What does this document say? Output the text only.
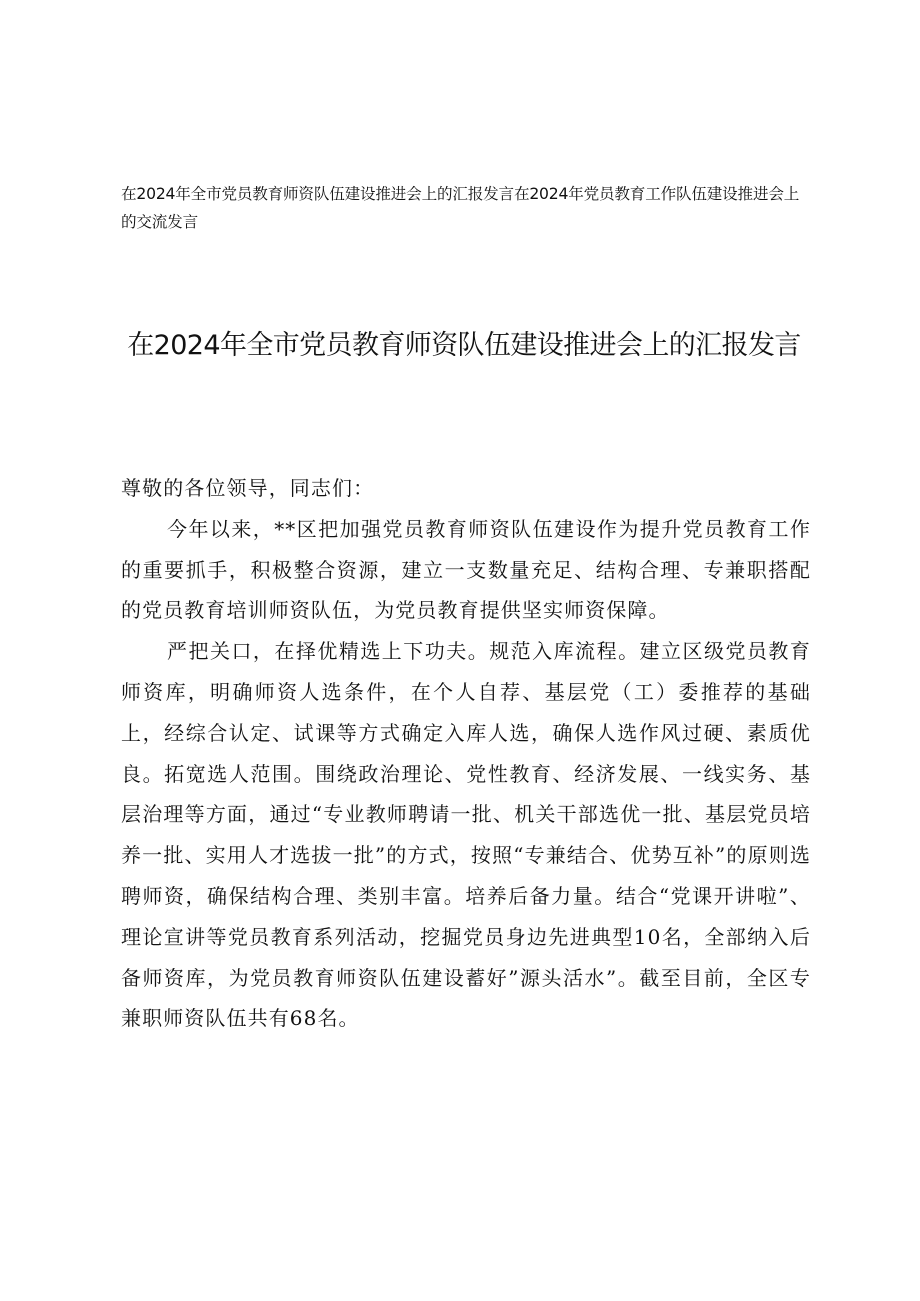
在2024年全市党员教育师资队伍建设推进会上的汇报发言在2024年党员教育工作队伍建设推进会上的交流发言
在2024年全市党员教育师资队伍建设推进会上的汇报发言

尊敬的各位领导，同志们：

今年以来，**区把加强党员教育师资队伍建设作为提升党员教育工作的重要抓手，积极整合资源，建立一支数量充足、结构合理、专兼职搭配的党员教育培训师资队伍，为党员教育提供坚实师资保障。

严把关口，在择优精选上下功夫。规范入库流程。建立区级党员教育师资库，明确师资人选条件，在个人自荐、基层党（工）委推荐的基础上，经综合认定、试课等方式确定入库人选，确保人选作风过硬、素质优良。拓宽选人范围。围绕政治理论、党性教育、经济发展、一线实务、基层治理等方面，通过“专业教师聘请一批、机关干部选优一批、基层党员培养一批、实用人才选拔一批”的方式，按照“专兼结合、优势互补”的原则选聘师资，确保结构合理、类别丰富。培养后备力量。结合“党课开讲啦”、理论宣讲等党员教育系列活动，挖掘党员身边先进典型10名，全部纳入后备师资库，为党员教育师资队伍建设蓄好”源头活水”。截至目前，全区专兼职师资队伍共有68名。
